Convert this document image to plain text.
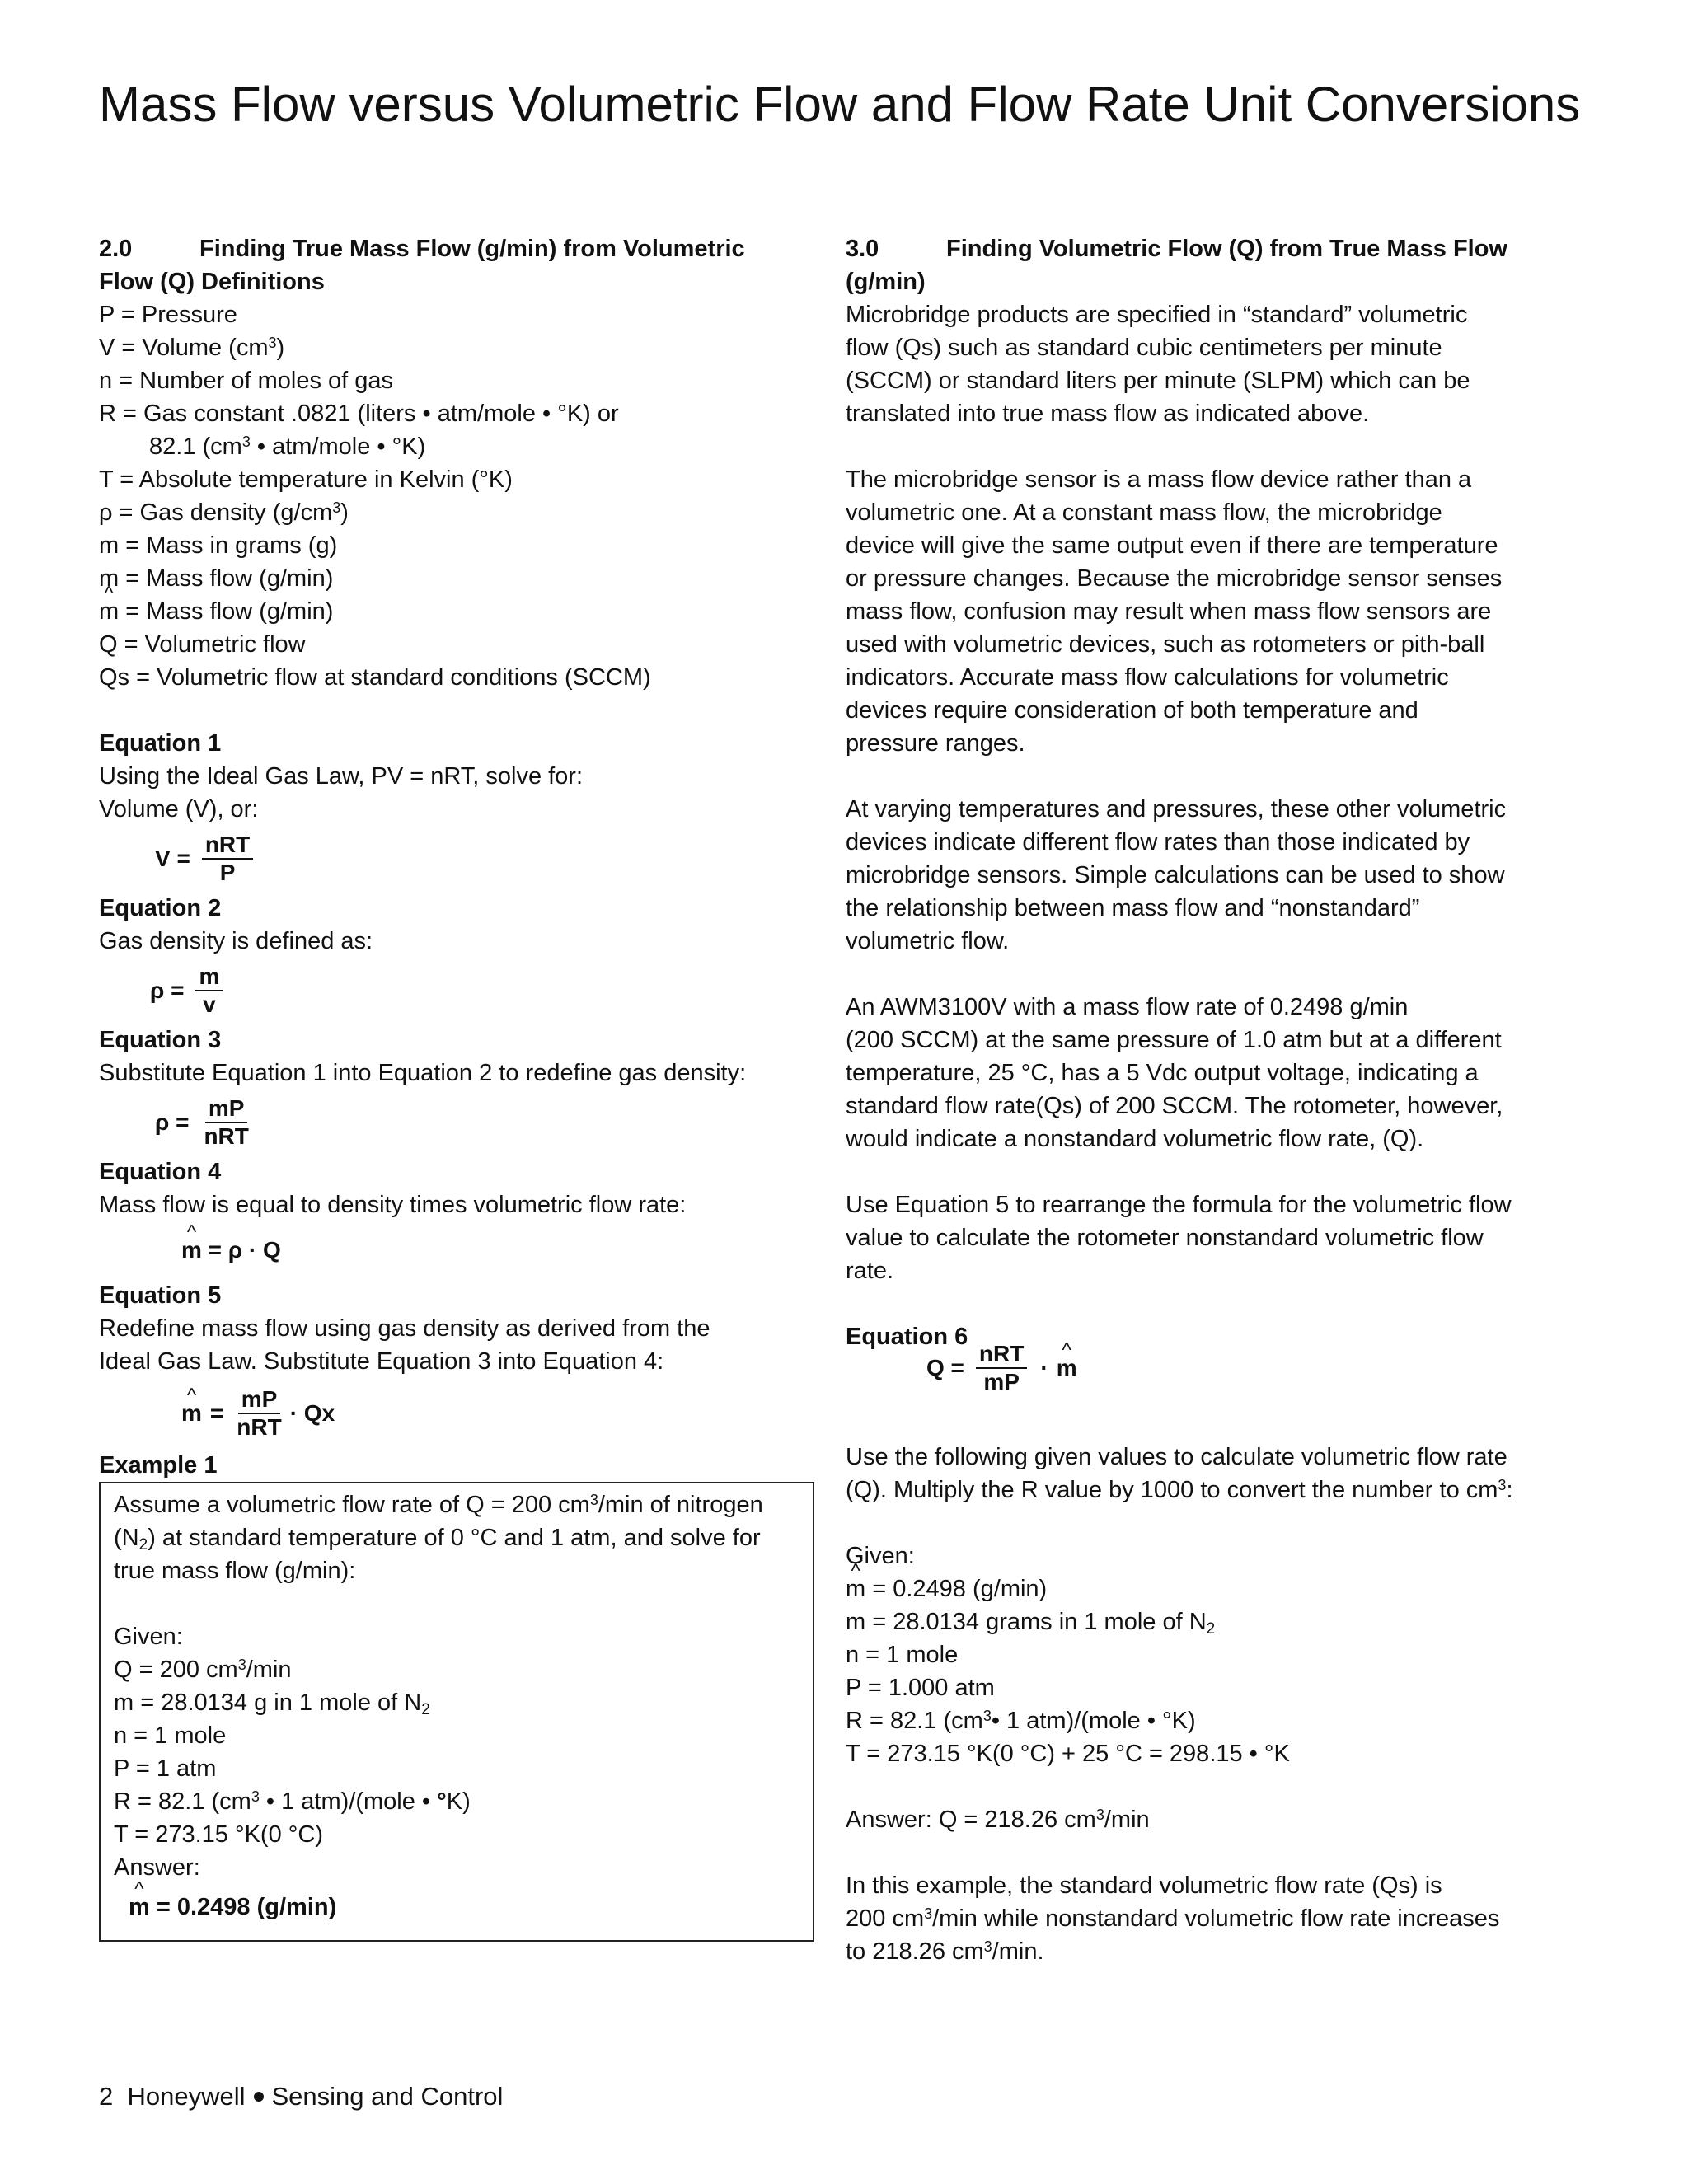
Mass Flow versus Volumetric Flow and Flow Rate Unit Conversions
2.0	Finding True Mass Flow (g/min) from Volumetric
Flow (Q) Definitions
P = Pressure
V = Volume $(cm^3)$
n = Number of moles of gas
R = Gas constant .0821 (liters • atm/mole • °K) or
82.1 ($cm^3$ • atm/mole • °K)
T = Absolute temperature in Kelvin (°K)
ρ = Gas density $(g/cm^3)$
m = Mass in grams (g)
m = Mass flow (g/min)
^ m = Mass flow (g/min)
Q = Volumetric flow
Qs = Volumetric flow at standard conditions (SCCM)
Equation 1
Using the Ideal Gas Law, PV = nRT, solve for:
Volume (V), or:
$V = \frac{\text{nRT}}{P}$
Equation 2
Gas density is defined as:
$\rho = \frac{m}{v}$
Equation 3
Substitute Equation 1 into Equation 2 to redefine gas density:
$\rho = \frac{mP}{\text{nRT}}$
Equation 4
Mass flow is equal to density times volumetric flow rate:
^ m = ρ · Q
Equation 5
Redefine mass flow using gas density as derived from the
Ideal Gas Law. Substitute Equation 3 into Equation 4:
^ $m = \frac{mP}{\text{nRT}} \cdot Qx$
Example 1
Assume a volumetric flow rate of Q = 200 $cm^3/\min$ of nitrogen
$(N_2)$ at standard temperature of 0 °C and 1 atm, and solve for
true mass flow (g/min):
Given:
Q = 200 $cm^3/\min$
m = 28.0134 g in 1 mole of $N_2$
n = 1 mole
P = 1 atm
R = 82.1 ($cm^3$ • 1 atm)/(mole • °K)
T = 273.15 °K(0 °C)
Answer:
^ m = 0.2498 (g/min)
3.0	Finding Volumetric Flow (Q) from True Mass Flow
(g/min)
Microbridge products are specified in “standard” volumetric
flow (Qs) such as standard cubic centimeters per minute
(SCCM) or standard liters per minute (SLPM) which can be
translated into true mass flow as indicated above.
The microbridge sensor is a mass flow device rather than a
volumetric one. At a constant mass flow, the microbridge
device will give the same output even if there are temperature
or pressure changes. Because the microbridge sensor senses
mass flow, confusion may result when mass flow sensors are
used with volumetric devices, such as rotometers or pith-ball
indicators. Accurate mass flow calculations for volumetric
devices require consideration of both temperature and
pressure ranges.
At varying temperatures and pressures, these other volumetric
devices indicate different flow rates than those indicated by
microbridge sensors. Simple calculations can be used to show
the relationship between mass flow and “nonstandard”
volumetric flow.
An AWM3100V with a mass flow rate of 0.2498 g/min
(200 SCCM) at the same pressure of 1.0 atm but at a different
temperature, 25 °C, has a 5 Vdc output voltage, indicating a
standard flow rate(Qs) of 200 SCCM. The rotometer, however,
would indicate a nonstandard volumetric flow rate, (Q).
Use Equation 5 to rearrange the formula for the volumetric flow
value to calculate the rotometer nonstandard volumetric flow
rate.
Equation 6
$Q = \frac{\text{nRT}}{mP}$ ·
^ m
Use the following given values to calculate volumetric flow rate
(Q). Multiply the R value by 1000 to convert the number to $cm^3$:
Given:
^ m = 0.2498 (g/min)
m = 28.0134 grams in 1 mole of $N_2$
n = 1 mole
P = 1.000 atm
R = 82.1 ($cm^3•$ 1 atm)/(mole • °K)
T = 273.15 °K(0 °C) + 25 °C = 298.15 • °K
Answer: Q = 218.26 $cm^3/\min$
In this example, the standard volumetric flow rate (Qs) is
200 $cm^3/\min$ while nonstandard volumetric flow rate increases
to 218.26 $cm^3/\min$.
2 Honeywell Sensing and Control
